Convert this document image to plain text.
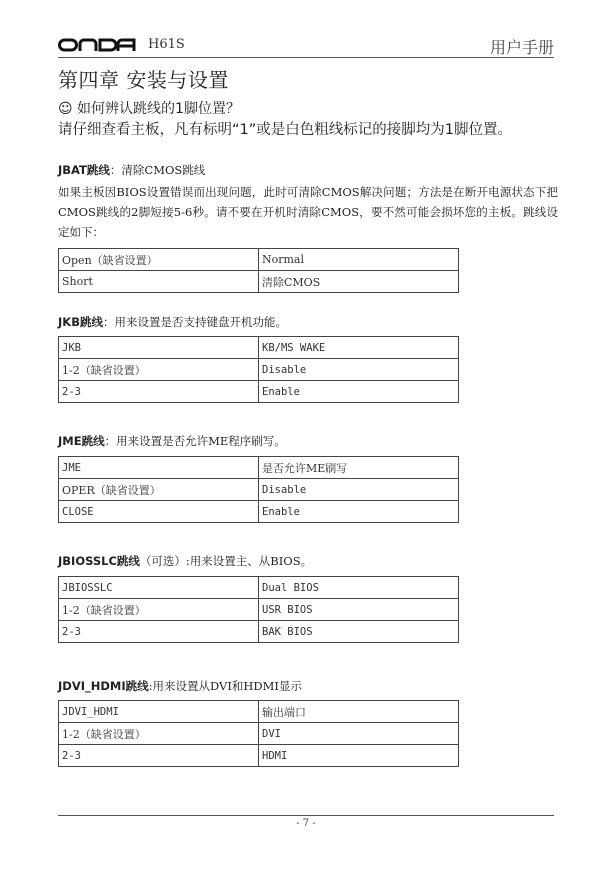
H61S	用户手册
第四章 安装与设置
☺ 如何辨认跳线的1脚位置？
请仔细查看主板，凡有标明“1”或是白色粗线标记的接脚均为1脚位置。
JBAT跳线：清除CMOS跳线
如果主板因BIOS设置错误而出现问题，此时可清除CMOS解决问题；方法是在断开电源状态下把CMOS跳线的2脚短接5-6秒。请不要在开机时清除CMOS，要不然可能会损坏您的主板。跳线设定如下：
Open（缺省设置）	Normal
Short	清除CMOS
JKB跳线：用来设置是否支持键盘开机功能。
JKB	KB/MS WAKE
1-2（缺省设置）	Disable
2-3	Enable
JME跳线：用来设置是否允许ME程序刷写。
JME	是否允许ME刷写
OPER（缺省设置）	Disable
CLOSE	Enable
JBIOSSLC跳线（可选）:用来设置主、从BIOS。
JBIOSSLC	Dual BIOS
1-2（缺省设置）	USR BIOS
2-3	BAK BIOS
JDVI_HDMI跳线:用来设置从DVI和HDMI显示
JDVI_HDMI	输出端口
1-2（缺省设置）	DVI
2-3	HDMI
- 7 -
